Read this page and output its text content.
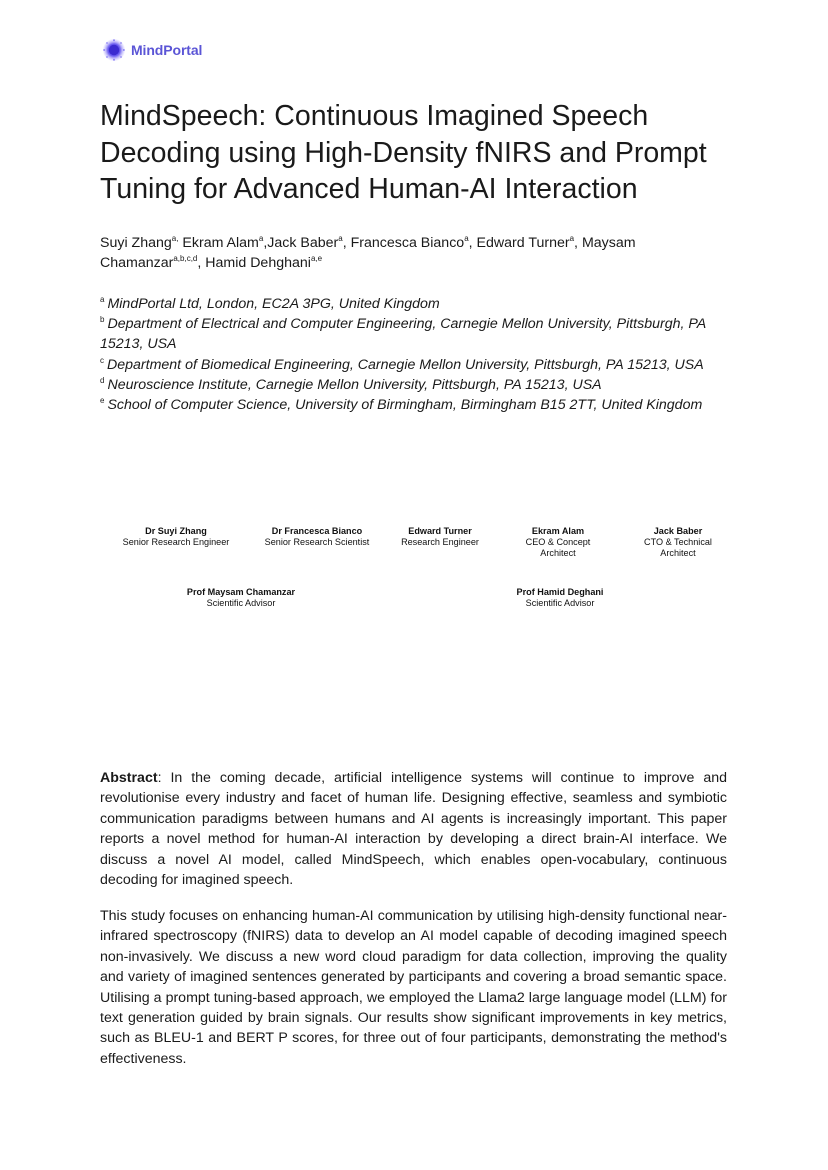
MindPortal
MindSpeech: Continuous Imagined Speech
Decoding using High-Density fNIRS and Prompt
Tuning for Advanced Human-AI Interaction

Suyi Zhang$^{a,}$ Ekram Alam$^a$,Jack Baber$^a$, Francesca Bianco$^a$, Edward Turner$^a$, Maysam Chamanzar$^{a,b,c,d}$, Hamid Dehghani$^{a,e}$

$^a$ MindPortal Ltd, London, EC2A 3PG, United Kingdom
$^b$ Department of Electrical and Computer Engineering, Carnegie Mellon University, Pittsburgh, PA 15213, USA
$^c$ Department of Biomedical Engineering, Carnegie Mellon University, Pittsburgh, PA 15213, USA
$^d$ Neuroscience Institute, Carnegie Mellon University, Pittsburgh, PA 15213, USA
$^e$ School of Computer Science, University of Birmingham, Birmingham B15 2TT, United Kingdom
Dr Suyi Zhang
Senior Research Engineer
Dr Francesca Bianco
Senior Research Scientist
Edward Turner
Research Engineer
Ekram Alam
CEO & Concept Architect
Jack Baber
CTO & Technical Architect
Prof Maysam Chamanzar
Scientific Advisor
Prof Hamid Deghani
Scientific Advisor

Abstract: In the coming decade, artificial intelligence systems will continue to improve and revolutionise every industry and facet of human life. Designing effective, seamless and symbiotic communication paradigms between humans and AI agents is increasingly important. This paper reports a novel method for human-AI interaction by developing a direct brain-AI interface. We discuss a novel AI model, called MindSpeech, which enables open-vocabulary, continuous decoding for imagined speech.

This study focuses on enhancing human-AI communication by utilising high-density functional near-infrared spectroscopy (fNIRS) data to develop an AI model capable of decoding imagined speech non-invasively. We discuss a new word cloud paradigm for data collection, improving the quality and variety of imagined sentences generated by participants and covering a broad semantic space. Utilising a prompt tuning-based approach, we employed the Llama2 large language model (LLM) for text generation guided by brain signals. Our results show significant improvements in key metrics, such as BLEU-1 and BERT P scores, for three out of four participants, demonstrating the method's effectiveness.
